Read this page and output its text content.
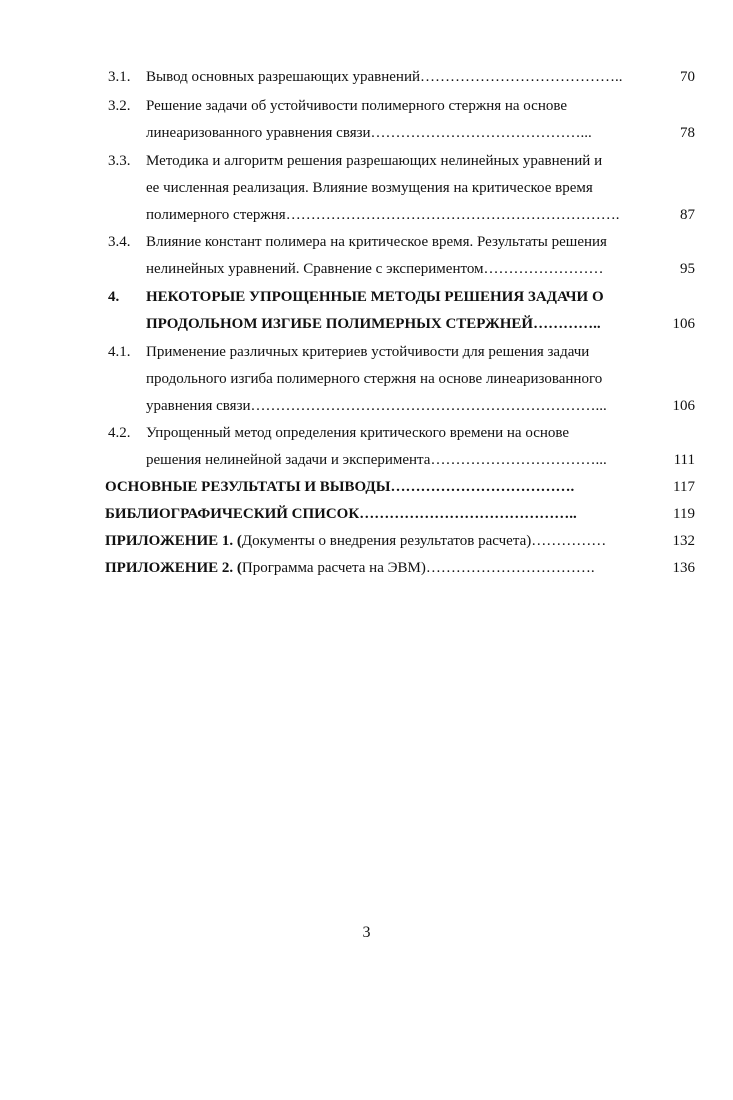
3.1. Вывод основных разрешающих уравнений…………………………………..	70
3.2. Решение задачи об устойчивости полимерного стержня на основе
линеаризованного уравнения связи……………………………………...	78
3.3. Методика и алгоритм решения разрешающих нелинейных уравнений и
ее численная реализация. Влияние возмущения на критическое время
полимерного стержня………………………………………………………….	87
3.4. Влияние констант полимера на критическое время. Результаты решения
нелинейных уравнений. Сравнение с экспериментом……………………	95
4. НЕКОТОРЫЕ УПРОЩЕННЫЕ МЕТОДЫ РЕШЕНИЯ ЗАДАЧИ О
ПРОДОЛЬНОМ ИЗГИБЕ ПОЛИМЕРНЫХ СТЕРЖНЕЙ…………..	106
4.1. Применение различных критериев устойчивости для решения задачи
продольного изгиба полимерного стержня на основе линеаризованного
уравнения связи……………………………………………………………...	106
4.2. Упрощенный метод определения критического времени на основе
решения нелинейной задачи и эксперимента……………………………...	111
ОСНОВНЫЕ РЕЗУЛЬТАТЫ И ВЫВОДЫ……………………………….	117
БИБЛИОГРАФИЧЕСКИЙ СПИСОК……………………………………..	119
ПРИЛОЖЕНИЕ 1. (Документы о внедрения результатов расчета)……………	132
ПРИЛОЖЕНИЕ 2. (Программа расчета на ЭВМ)…………………………….	136
3
